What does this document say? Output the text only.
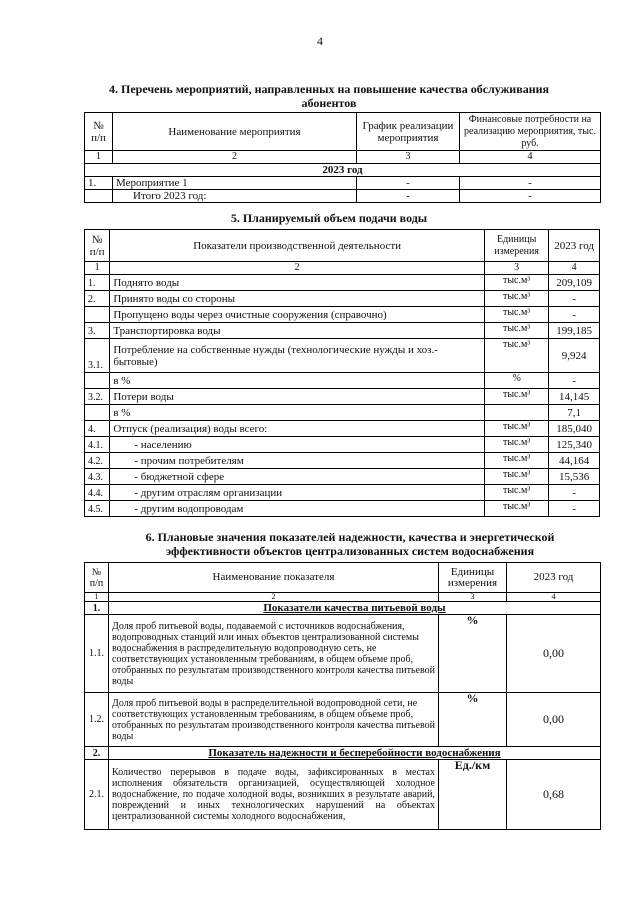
4
4. Перечень мероприятий, направленных на повышение качества обслуживания
абонентов
№ п/п	Наименование мероприятия	График реализации мероприятия	Финансовые потребности на реализацию мероприятия, тыс. руб.
1	2	3	4
2023 год			
1.	Мероприятие 1	-	-
	Итого 2023 год:	-	-
5. Планируемый объем подачи воды
№ п/п	Показатели производственной деятельности	Единицы измерения	2023 год
1	2	3	4
1.	Поднято воды	тыс.м³	209,109
2.	Принято воды со стороны	тыс.м³	-
	Пропущено воды через очистные сооружения (справочно)	тыс.м³	-
3.	Транспортировка воды	тыс.м³	199,185
3.1.	Потребление на собственные нужды (технологические нужды и хоз.-бытовые)	тыс.м³	9,924
	в %	%	-
3.2.	Потери воды	тыс.м³	14,145
	в %		7,1
4.	Отпуск (реализация) воды всего:	тыс.м³	185,040
4.1.	- населению	тыс.м³	125,340
4.2.	- прочим потребителям	тыс.м³	44,164
4.3.	- бюджетной сфере	тыс.м³	15,536
4.4.	- другим отраслям организации	тыс.м³	-
4.5.	- другим водопроводам	тыс.м³	-
6. Плановые значения показателей надежности, качества и энергетической
эффективности объектов централизованных систем водоснабжения
№ п/п	Наименование показателя	Единицы измерения	2023 год
1	2	3	4
1.	Показатели качества питьевой воды		
1.1.	Доля проб питьевой воды, подаваемой с источников водоснабжения, водопроводных станций или иных объектов централизованной системы водоснабжения в распределительную водопроводную сеть, не соответствующих установленным требованиям, в общем объеме проб, отобранных по результатам производственного контроля качества питьевой воды	%	0,00
1.2.	Доля проб питьевой воды в распределительной водопроводной сети, не соответствующих установленным требованиям, в общем объеме проб, отобранных по результатам производственного контроля качества питьевой воды	%	0,00
2.	Показатель надежности и бесперебойности водоснабжения		
2.1.	Количество перерывов в подаче воды, зафиксированных в местах исполнения обязательств организацией, осуществляющей холодное водоснабжение, по подаче холодной воды, возникших в результате аварий, повреждений и иных технологических нарушений на объектах централизованной системы холодного водоснабжения,	Ед./км	0,68
